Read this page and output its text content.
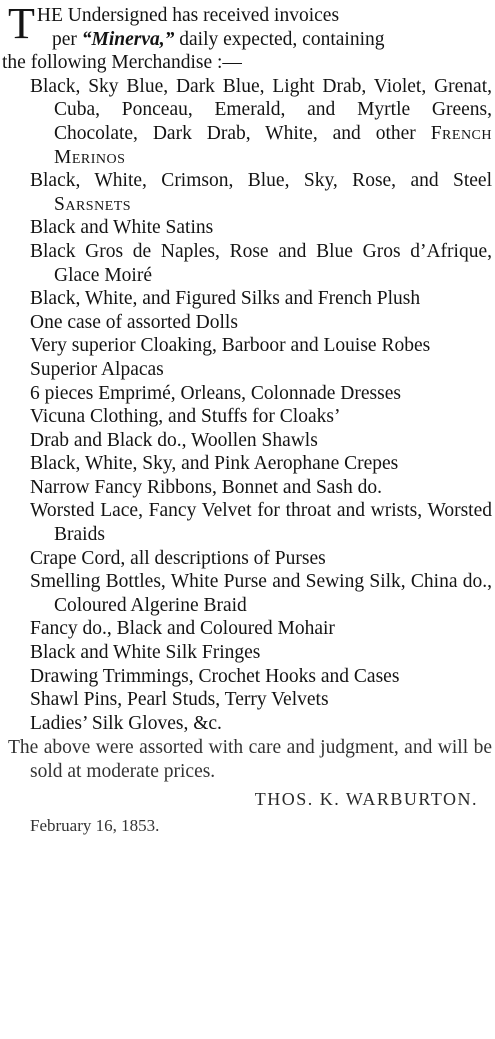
T HE Undersigned has received invoices
per “Minerva,” daily expected, containing
the following Merchandise :—

Black, Sky Blue, Dark Blue, Light Drab, Violet, Grenat, Cuba, Ponceau, Emerald, and Myrtle Greens, Chocolate, Dark Drab, White, and other French Merinos
Black, White, Crimson, Blue, Sky, Rose, and Steel Sarsnets
Black and White Satins
Black Gros de Naples, Rose and Blue Gros d’Afrique, Glace Moiré
Black, White, and Figured Silks and French Plush
One case of assorted Dolls
Very superior Cloaking, Barboor and Louise Robes
Superior Alpacas
6 pieces Emprimé, Orleans, Colonnade Dresses
Vicuna Clothing, and Stuffs for Cloaks’
Drab and Black do., Woollen Shawls
Black, White, Sky, and Pink Aerophane Crepes
Narrow Fancy Ribbons, Bonnet and Sash do.
Worsted Lace, Fancy Velvet for throat and wrists, Worsted Braids
Crape Cord, all descriptions of Purses
Smelling Bottles, White Purse and Sewing Silk, China do., Coloured Algerine Braid
Fancy do., Black and Coloured Mohair
Black and White Silk Fringes
Drawing Trimmings, Crochet Hooks and Cases
Shawl Pins, Pearl Studs, Terry Velvets
Ladies’ Silk Gloves, &c.

The above were assorted with care and judgment, and will be sold at moderate prices.

THOS. K. WARBURTON.

February 16, 1853.
